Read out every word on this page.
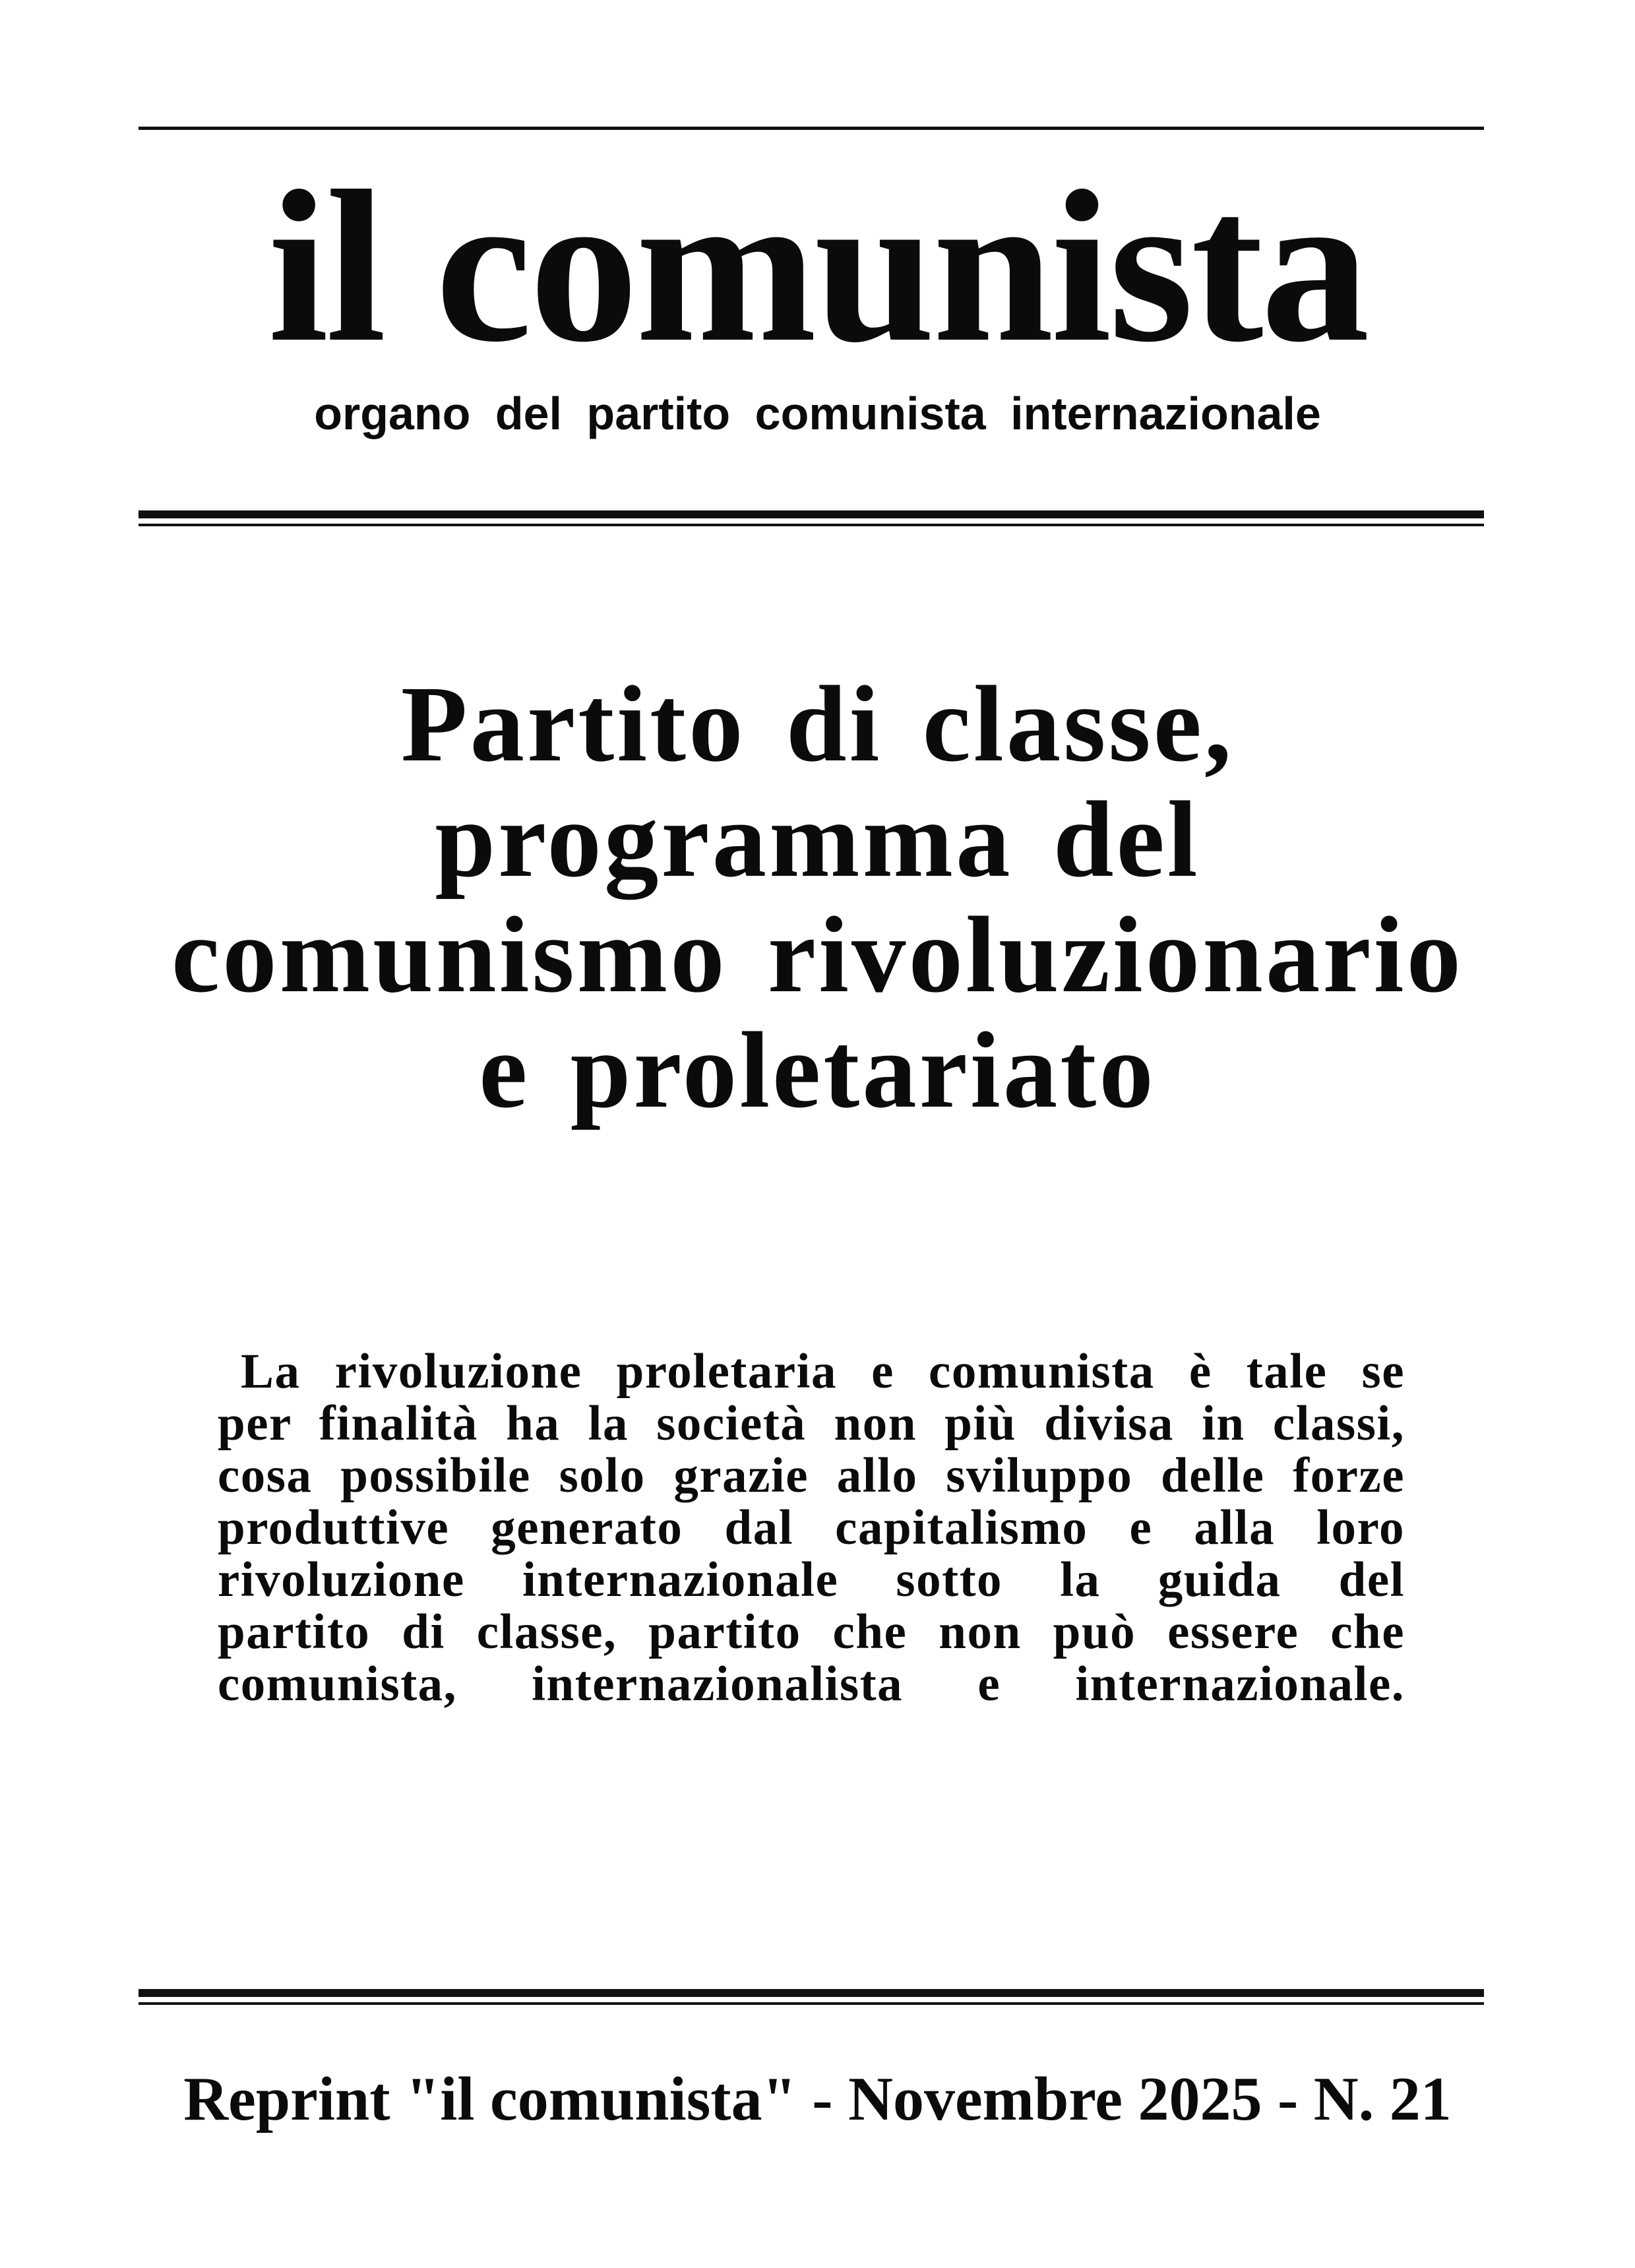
il comunista
organo del partito comunista internazionale
Partito di classe,
programma del
comunismo rivoluzionario
e proletariato
La rivoluzione proletaria e comunista è tale se
per finalità ha la società non più divisa in classi,
cosa possibile solo grazie allo sviluppo delle forze
produttive generato dal capitalismo e alla loro
rivoluzione internazionale sotto la guida del
partito di classe, partito che non può essere che
comunista, internazionalista e internazionale.
Reprint "il comunista" - Novembre 2025 - N. 21
